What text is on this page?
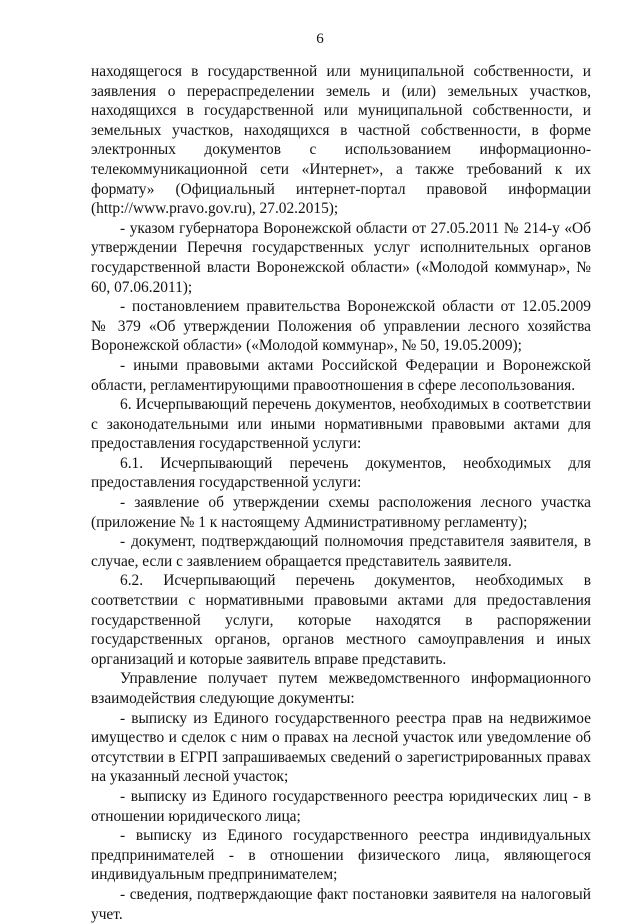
6

находящегося в государственной или муниципальной собственности, и заявления о перераспределении земель и (или) земельных участков, находящихся в государственной или муниципальной собственности, и земельных участков, находящихся в частной собственности, в форме электронных документов с использованием информационно-телекоммуникационной сети «Интернет», а также требований к их формату» (Официальный интернет-портал правовой информации (http://www.pravo.gov.ru), 27.02.2015);

- указом губернатора Воронежской области от 27.05.2011 № 214-у «Об утверждении Перечня государственных услуг исполнительных органов государственной власти Воронежской области» («Молодой коммунар», № 60, 07.06.2011);

- постановлением правительства Воронежской области от 12.05.2009 № 379 «Об утверждении Положения об управлении лесного хозяйства Воронежской области» («Молодой коммунар», № 50, 19.05.2009);

- иными правовыми актами Российской Федерации и Воронежской области, регламентирующими правоотношения в сфере лесопользования.

6. Исчерпывающий перечень документов, необходимых в соответствии с законодательными или иными нормативными правовыми актами для предоставления государственной услуги:

6.1. Исчерпывающий перечень документов, необходимых для предоставления государственной услуги:

- заявление об утверждении схемы расположения лесного участка (приложение № 1 к настоящему Административному регламенту);

- документ, подтверждающий полномочия представителя заявителя, в случае, если с заявлением обращается представитель заявителя.

6.2. Исчерпывающий перечень документов, необходимых в соответствии с нормативными правовыми актами для предоставления государственной услуги, которые находятся в распоряжении государственных органов, органов местного самоуправления и иных организаций и которые заявитель вправе представить.

Управление получает путем межведомственного информационного взаимодействия следующие документы:

- выписку из Единого государственного реестра прав на недвижимое имущество и сделок с ним о правах на лесной участок или уведомление об отсутствии в ЕГРП запрашиваемых сведений о зарегистрированных правах на указанный лесной участок;

- выписку из Единого государственного реестра юридических лиц - в отношении юридического лица;

- выписку из Единого государственного реестра индивидуальных предпринимателей - в отношении физического лица, являющегося индивидуальным предпринимателем;

- сведения, подтверждающие факт постановки заявителя на налоговый учет.
